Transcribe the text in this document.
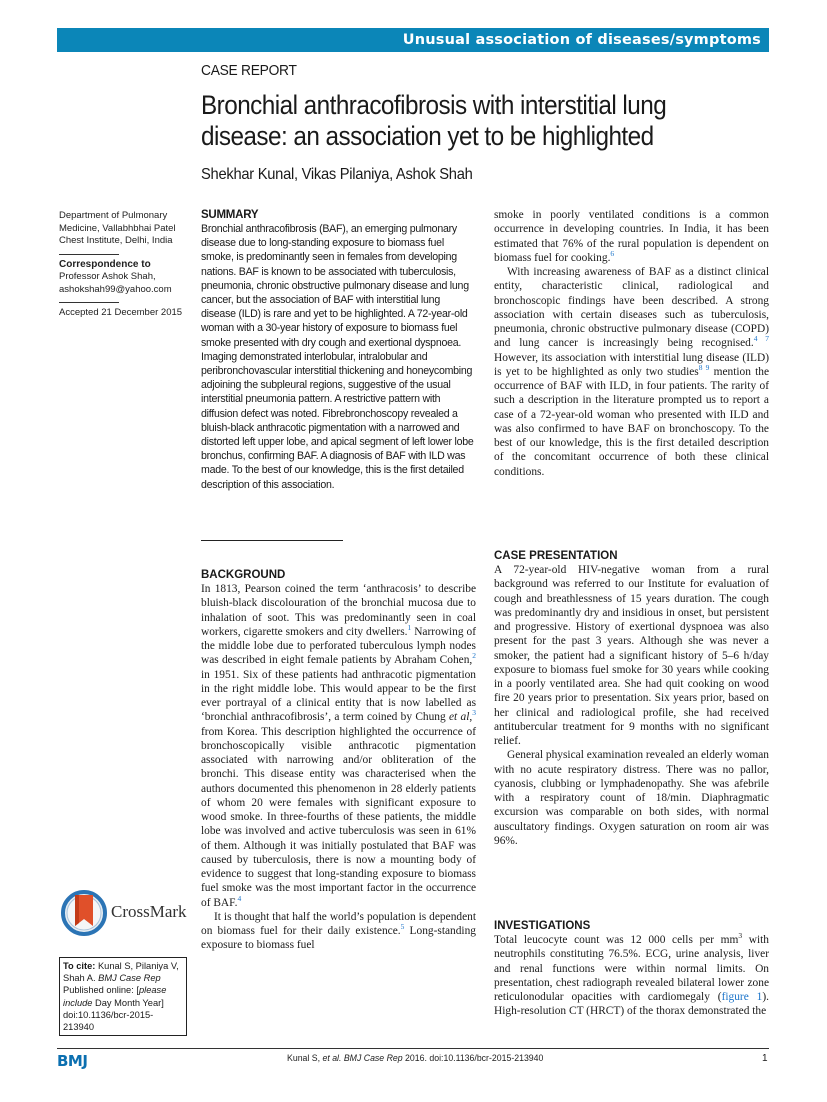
Unusual association of diseases/symptoms
CASE REPORT
Bronchial anthracofibrosis with interstitial lung disease: an association yet to be highlighted
Shekhar Kunal, Vikas Pilaniya, Ashok Shah
Department of Pulmonary Medicine, Vallabhbhai Patel Chest Institute, Delhi, India
Correspondence to
Professor Ashok Shah,
ashokshah99@yahoo.com
Accepted 21 December 2015
SUMMARY

Bronchial anthracofibrosis (BAF), an emerging pulmonary disease due to long-standing exposure to biomass fuel smoke, is predominantly seen in females from developing nations. BAF is known to be associated with tuberculosis, pneumonia, chronic obstructive pulmonary disease and lung cancer, but the association of BAF with interstitial lung disease (ILD) is rare and yet to be highlighted. A 72-year-old woman with a 30-year history of exposure to biomass fuel smoke presented with dry cough and exertional dyspnoea. Imaging demonstrated interlobular, intralobular and peribronchovascular interstitial thickening and honeycombing adjoining the subpleural regions, suggestive of the usual interstitial pneumonia pattern. A restrictive pattern with diffusion defect was noted. Fibrebronchoscopy revealed a bluish-black anthracotic pigmentation with a narrowed and distorted left upper lobe, and apical segment of left lower lobe bronchus, confirming BAF. A diagnosis of BAF with ILD was made. To the best of our knowledge, this is the first detailed description of this association.

BACKGROUND

In 1813, Pearson coined the term ‘anthracosis’ to describe bluish-black discolouration of the bronchial mucosa due to inhalation of soot. This was predominantly seen in coal workers, cigarette smokers and city dwellers.$^1$ Narrowing of the middle lobe due to perforated tuberculous lymph nodes was described in eight female patients by Abraham Cohen,$^2$ in 1951. Six of these patients had anthracotic pigmentation in the right middle lobe. This would appear to be the first ever portrayal of a clinical entity that is now labelled as ‘bronchial anthracofibrosis’, a term coined by Chung et al,$^3$ from Korea. This description highlighted the occurrence of bronchoscopically visible anthracotic pigmentation associated with narrowing and/or obliteration of the bronchi. This disease entity was characterised when the authors documented this phenomenon in 28 elderly patients of whom 20 were females with significant exposure to wood smoke. In three-fourths of these patients, the middle lobe was involved and active tuberculosis was seen in 61% of them. Although it was initially postulated that BAF was caused by tuberculosis, there is now a mounting body of evidence to suggest that long-standing exposure to biomass fuel smoke was the most important factor in the occurrence of BAF.$^4$

It is thought that half the world’s population is dependent on biomass fuel for their daily existence.$^5$ Long-standing exposure to biomass fuel

smoke in poorly ventilated conditions is a common occurrence in developing countries. In India, it has been estimated that 76% of the rural population is dependent on biomass fuel for cooking.$^6$

With increasing awareness of BAF as a distinct clinical entity, characteristic clinical, radiological and bronchoscopic findings have been described. A strong association with certain diseases such as tuberculosis, pneumonia, chronic obstructive pulmonary disease (COPD) and lung cancer is increasingly being recognised.$^{4 7}$ However, its association with interstitial lung disease (ILD) is yet to be highlighted as only two studies$^{8 9}$ mention the occurrence of BAF with ILD, in four patients. The rarity of such a description in the literature prompted us to report a case of a 72-year-old woman who presented with ILD and was also confirmed to have BAF on bronchoscopy. To the best of our knowledge, this is the first detailed description of the concomitant occurrence of both these clinical conditions.

CASE PRESENTATION

A 72-year-old HIV-negative woman from a rural background was referred to our Institute for evaluation of cough and breathlessness of 15 years duration. The cough was predominantly dry and insidious in onset, but persistent and progressive. History of exertional dyspnoea was also present for the past 3 years. Although she was never a smoker, the patient had a significant history of 5–6 h/day exposure to biomass fuel smoke for 30 years while cooking in a poorly ventilated area. She had quit cooking on wood fire 20 years prior to presentation. Six years prior, based on her clinical and radiological profile, she had received antitubercular treatment for 9 months with no significant relief.

General physical examination revealed an elderly woman with no acute respiratory distress. There was no pallor, cyanosis, clubbing or lymphadenopathy. She was afebrile with a respiratory count of 18/min. Diaphragmatic excursion was comparable on both sides, with normal auscultatory findings. Oxygen saturation on room air was 96%.

INVESTIGATIONS

Total leucocyte count was 12 000 cells per $mm^3$ with neutrophils constituting 76.5%. ECG, urine analysis, liver and renal functions were within normal limits. On presentation, chest radiograph revealed bilateral lower zone reticulonodular opacities with cardiomegaly (figure 1). High-resolution CT (HRCT) of the thorax demonstrated the

CrossMark
To cite: Kunal S, Pilaniya V, Shah A. BMJ Case Rep Published online: [please include Day Month Year] doi:10.1136/bcr-2015-213940
BMJ	Kunal S, et al. BMJ Case Rep 2016. doi:10.1136/bcr-2015-213940	1
